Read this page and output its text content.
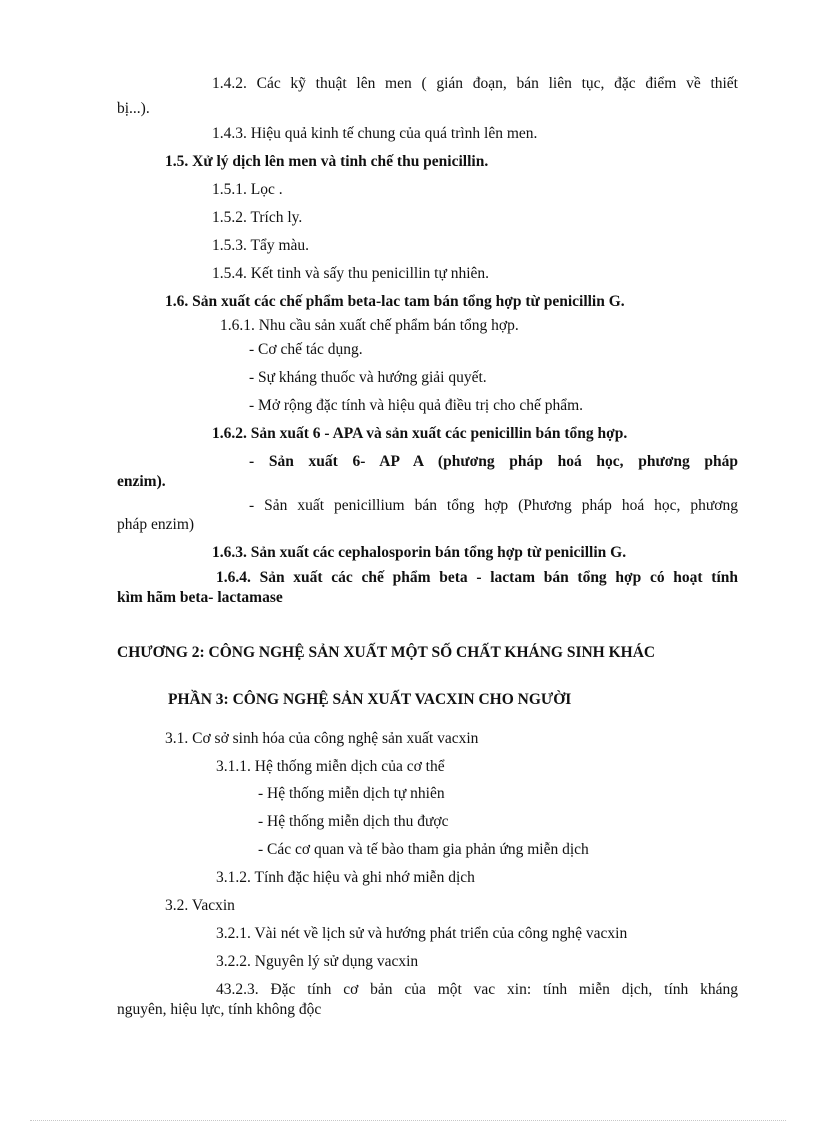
1.4.2. Các kỹ thuật lên men ( gián đoạn, bán liên tục, đặc điểm về thiết
bị...).
1.4.3. Hiệu quả kinh tế chung của quá trình lên men.
1.5. Xử lý dịch lên men và tinh chế thu penicillin.
1.5.1. Lọc .
1.5.2. Trích ly.
1.5.3. Tẩy màu.
1.5.4. Kết tinh và sấy thu penicillin tự nhiên.
1.6. Sản xuất các chế phẩm beta-lac tam bán tổng hợp từ penicillin G.
1.6.1. Nhu cầu sản xuất chế phẩm bán tổng hợp.
- Cơ chế tác dụng.
- Sự kháng thuốc và hướng giải quyết.
- Mở rộng đặc tính và hiệu quả điều trị cho chế phẩm.
1.6.2. Sản xuất 6 - APA và sản xuất các penicillin bán tổng hợp.
- Sản xuất 6- AP A (phương pháp hoá học, phương pháp
enzim).
- Sản xuất penicillium bán tổng hợp (Phương pháp hoá học, phương
pháp enzim)
1.6.3. Sản xuất các cephalosporin bán tổng hợp từ penicillin G.
1.6.4. Sản xuất các chế phẩm beta - lactam bán tổng hợp có hoạt tính
kìm hãm beta- lactamase
CHƯƠNG 2: CÔNG NGHỆ SẢN XUẤT MỘT SỐ CHẤT KHÁNG SINH KHÁC
PHẦN 3: CÔNG NGHỆ SẢN XUẤT VACXIN CHO NGƯỜI
3.1. Cơ sở sinh hóa của công nghệ sản xuất vacxin
3.1.1. Hệ thống miễn dịch của cơ thể
- Hệ thống miễn dịch tự nhiên
- Hệ thống miễn dịch thu được
- Các cơ quan và tế bào tham gia phản ứng miễn dịch
3.1.2. Tính đặc hiệu và ghi nhớ miễn dịch
3.2. Vacxin
3.2.1. Vài nét về lịch sử và hướng phát triển của công nghệ vacxin
3.2.2. Nguyên lý sử dụng vacxin
43.2.3. Đặc tính cơ bản của một vac xin: tính miễn dịch, tính kháng
nguyên, hiệu lực, tính không độc
